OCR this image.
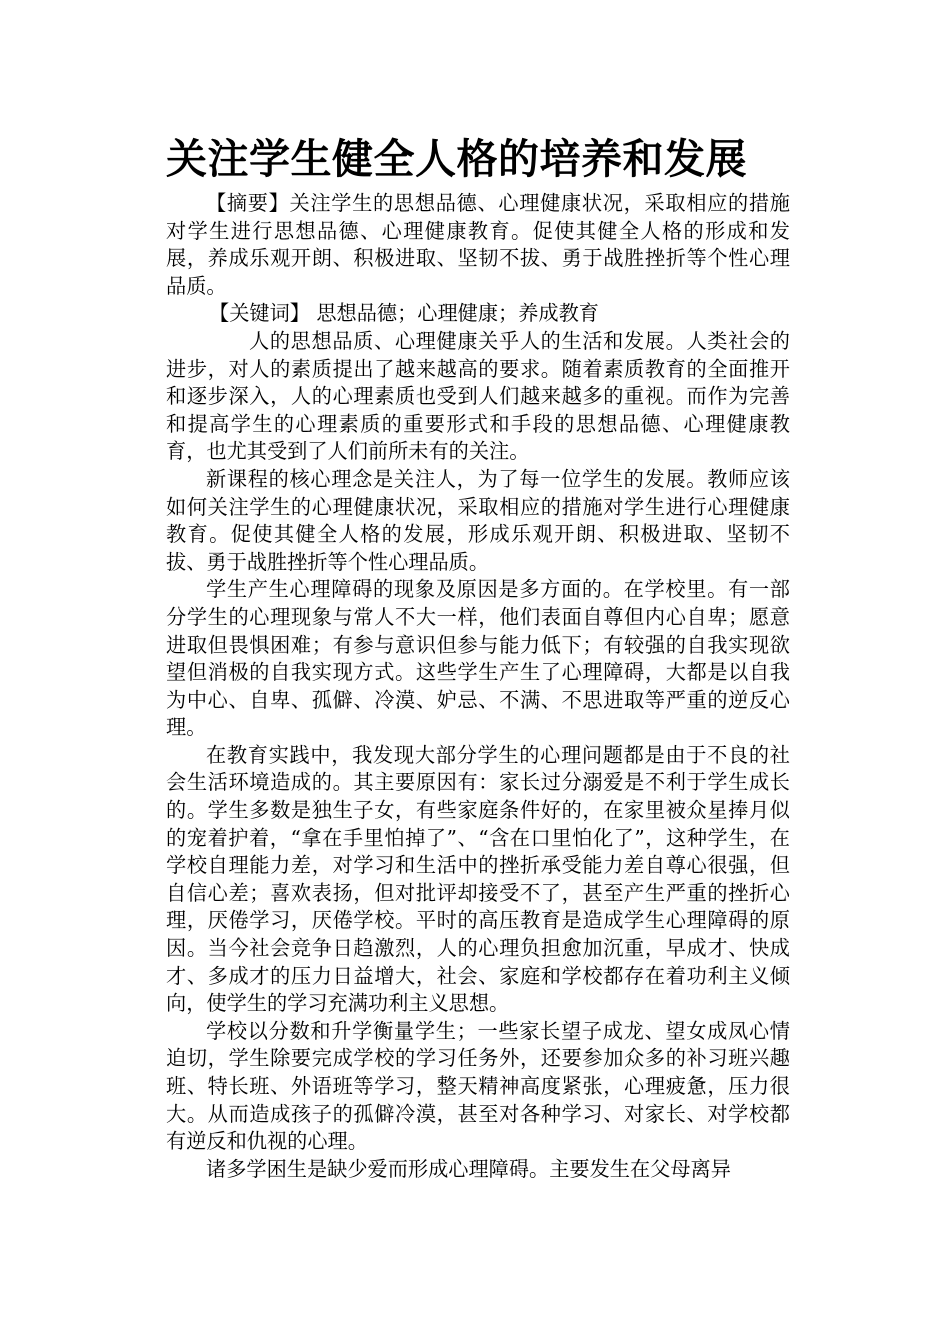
关注学生健全人格的培养和发展

【摘要】关注学生的思想品德、心理健康状况，采取相应的措施对学生进行思想品德、心理健康教育。促使其健全人格的形成和发展，养成乐观开朗、积极进取、坚韧不拔、勇于战胜挫折等个性心理品质。

【关键词】 思想品德；心理健康；养成教育

人的思想品质、心理健康关乎人的生活和发展。人类社会的进步，对人的素质提出了越来越高的要求。随着素质教育的全面推开和逐步深入，人的心理素质也受到人们越来越多的重视。而作为完善和提高学生的心理素质的重要形式和手段的思想品德、心理健康教育，也尤其受到了人们前所未有的关注。

新课程的核心理念是关注人，为了每一位学生的发展。教师应该如何关注学生的心理健康状况，采取相应的措施对学生进行心理健康教育。促使其健全人格的发展，形成乐观开朗、积极进取、坚韧不拔、勇于战胜挫折等个性心理品质。

学生产生心理障碍的现象及原因是多方面的。在学校里。有一部分学生的心理现象与常人不大一样，他们表面自尊但内心自卑；愿意进取但畏惧困难；有参与意识但参与能力低下；有较强的自我实现欲望但消极的自我实现方式。这些学生产生了心理障碍，大都是以自我为中心、自卑、孤僻、冷漠、妒忌、不满、不思进取等严重的逆反心理。

在教育实践中，我发现大部分学生的心理问题都是由于不良的社会生活环境造成的。其主要原因有：家长过分溺爱是不利于学生成长的。学生多数是独生子女，有些家庭条件好的，在家里被众星捧月似的宠着护着，“拿在手里怕掉了”、“含在口里怕化了”，这种学生，在学校自理能力差，对学习和生活中的挫折承受能力差自尊心很强，但自信心差；喜欢表扬，但对批评却接受不了，甚至产生严重的挫折心理，厌倦学习，厌倦学校。平时的高压教育是造成学生心理障碍的原因。当今社会竞争日趋激烈，人的心理负担愈加沉重，早成才、快成才、多成才的压力日益增大，社会、家庭和学校都存在着功利主义倾向，使学生的学习充满功利主义思想。

学校以分数和升学衡量学生；一些家长望子成龙、望女成凤心情迫切，学生除要完成学校的学习任务外，还要参加众多的补习班兴趣班、特长班、外语班等学习，整天精神高度紧张，心理疲惫，压力很大。从而造成孩子的孤僻冷漠，甚至对各种学习、对家长、对学校都有逆反和仇视的心理。

诸多学困生是缺少爱而形成心理障碍。主要发生在父母离异
